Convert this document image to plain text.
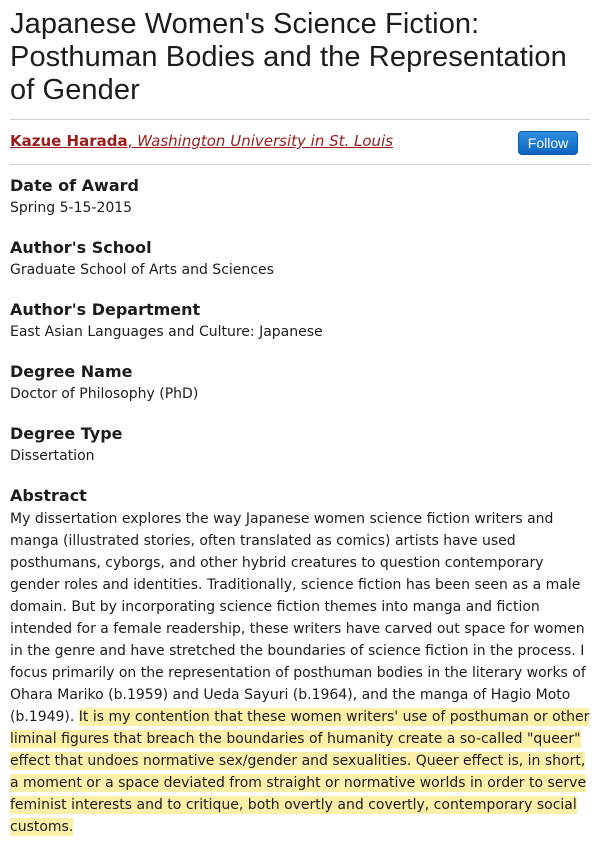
Japanese Women's Science Fiction: Posthuman Bodies and the Representation of Gender
Kazue Harada, Washington University in St. Louis	Follow
Date of Award

Spring 5-15-2015

Author's School

Graduate School of Arts and Sciences

Author's Department

East Asian Languages and Culture: Japanese

Degree Name

Doctor of Philosophy (PhD)

Degree Type

Dissertation

Abstract

My dissertation explores the way Japanese women science fiction writers and manga (illustrated stories, often translated as comics) artists have used posthumans, cyborgs, and other hybrid creatures to question contemporary gender roles and identities. Traditionally, science fiction has been seen as a male domain. But by incorporating science fiction themes into manga and fiction intended for a female readership, these writers have carved out space for women in the genre and have stretched the boundaries of science fiction in the process. I focus primarily on the representation of posthuman bodies in the literary works of Ohara Mariko (b.1959) and Ueda Sayuri (b.1964), and the manga of Hagio Moto (b.1949). It is my contention that these women writers' use of posthuman or other liminal figures that breach the boundaries of humanity create a so-called "queer" effect that undoes normative sex/gender and sexualities. Queer effect is, in short, a moment or a space deviated from straight or normative worlds in order to serve feminist interests and to critique, both overtly and covertly, contemporary social customs.
